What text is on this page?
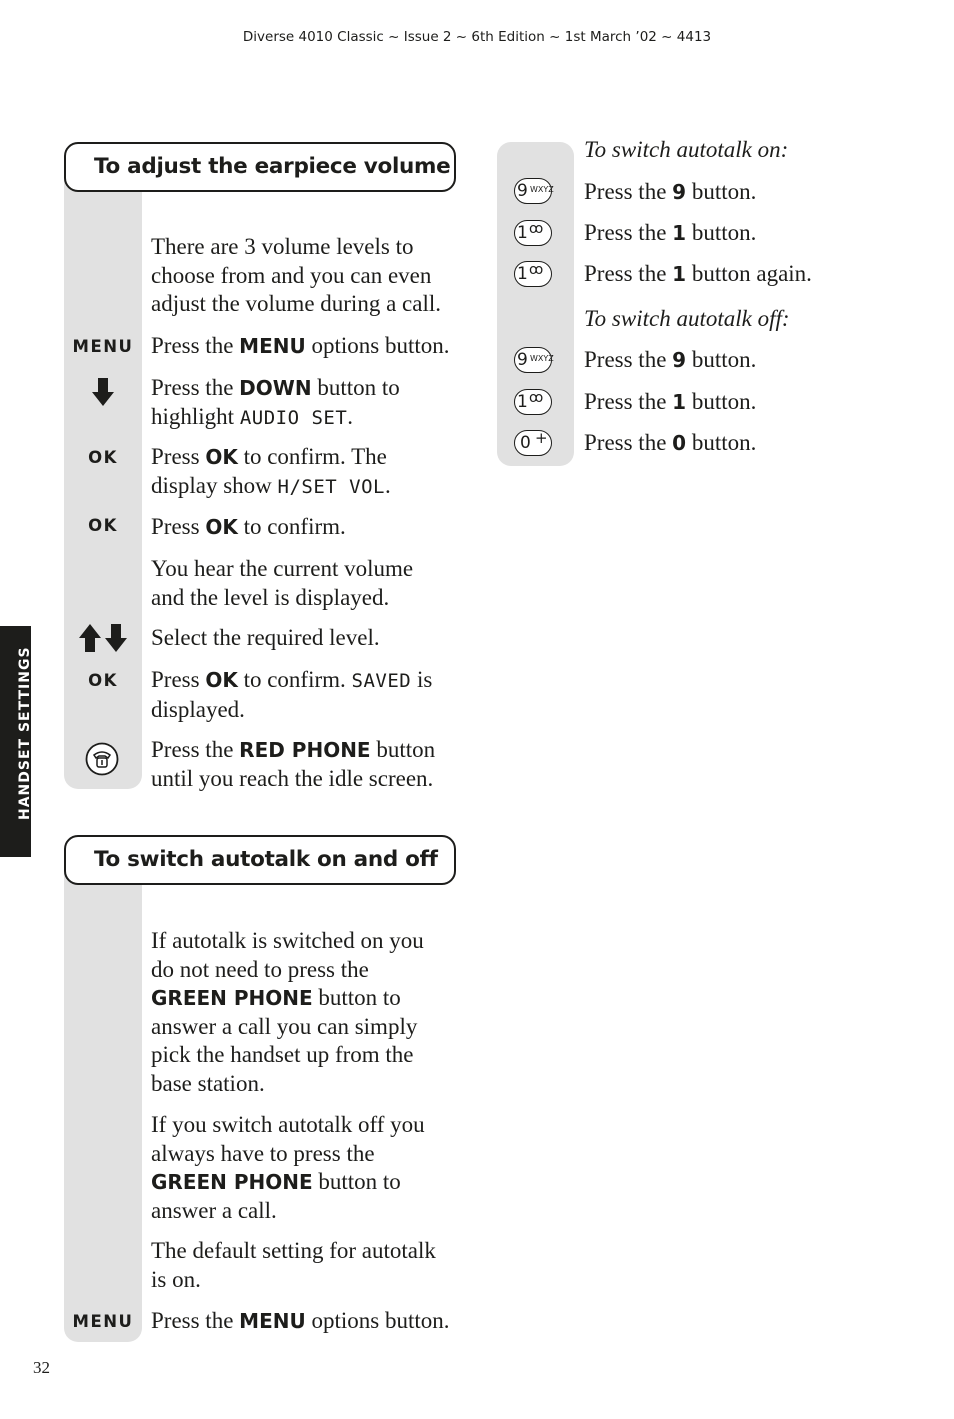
Diverse 4010 Classic ~ Issue 2 ~ 6th Edition ~ 1st March ’02 ~ 4413
To adjust the earpiece volume
There are 3 volume levels to
choose from and you can even
adjust the volume during a call.
MENU Press the MENU options button.
Press the DOWN button to
highlight AUDIO SET.
OK	Press OK to confirm. The
display show H/SET VOL.
OK	Press OK to confirm.
You hear the current volume
and the level is displayed.
Select the required level.
OK	Press OK to confirm. SAVED is
displayed.
Press the RED PHONE button
until you reach the idle screen.
To switch autotalk on and off
If autotalk is switched on you
do not need to press the
GREEN PHONE button to
answer a call you can simply
pick the handset up from the
base station.
If you switch autotalk off you
always have to press the
GREEN PHONE button to
answer a call.
The default setting for autotalk
is on.
MENU Press the MENU options button.
To switch autotalk on:
9 WXYZ Press the 9 button.
1 ꝏ Press the 1 button.
1 ꝏ Press the 1 button again.
To switch autotalk off:
9 WXYZ Press the 9 button.
1 ꝏ Press the 1 button.
0 + Press the 0 button.
HANDSET SETTINGS
32
